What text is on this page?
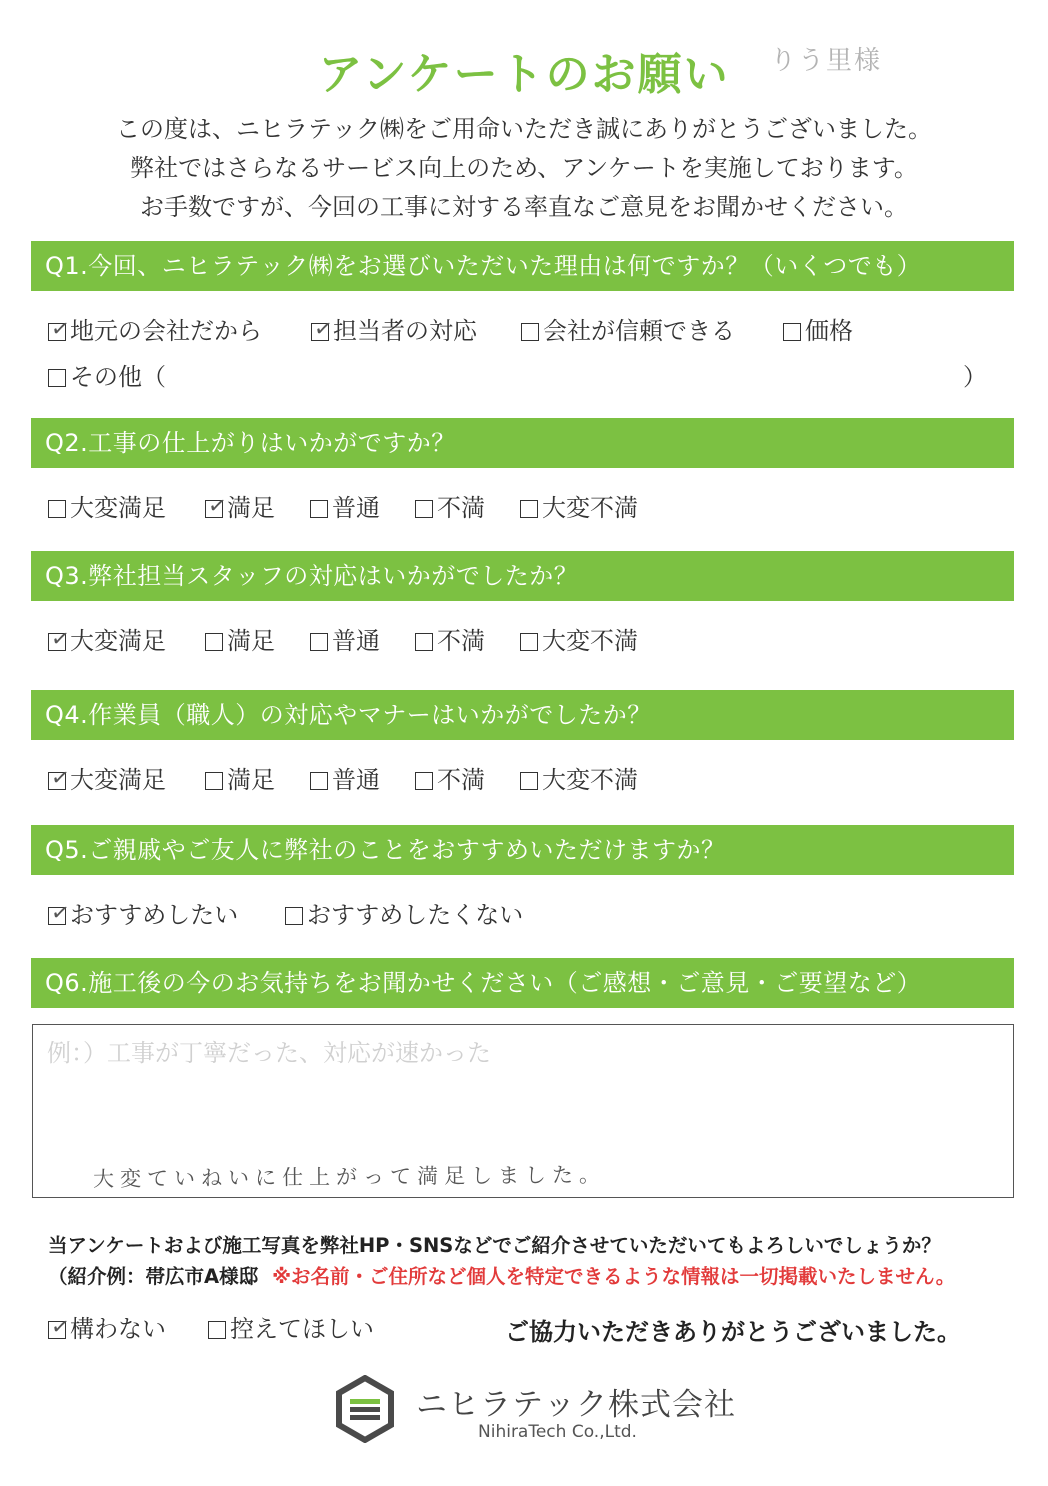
アンケートのお願い	りう里様
この度は、ニヒラテック㈱をご用命いただき誠にありがとうございました。
弊社ではさらなるサービス向上のため、アンケートを実施しております。
お手数ですが、今回の工事に対する率直なご意見をお聞かせください。
Q1.今回、ニヒラテック㈱をお選びいただいた理由は何ですか？（いくつでも）
✓
地元の会社だから ✓
担当者の対応	会社が信頼できる	価格
その他（	）
Q2.工事の仕上がりはいかがですか？
大変満足 ✓
満足	普通	不満	大変不満
Q3.弊社担当スタッフの対応はいかがでしたか？
✓
大変満足	満足	普通	不満	大変不満
Q4.作業員（職人）の対応やマナーはいかがでしたか？
✓
大変満足	満足	普通	不満	大変不満
Q5.ご親戚やご友人に弊社のことをおすすめいただけますか？
✓
おすすめしたい	おすすめしたくない
Q6.施工後の今のお気持ちをお聞かせください（ご感想・ご意見・ご要望など）
例：）工事が丁寧だった、対応が速かった
大変ていねいに仕上がって満足しました。
当アンケートおよび施工写真を弊社HP・SNSなどでご紹介させていただいてもよろしいでしょうか？
（紹介例：帯広市A様邸 ※お名前・ご住所など個人を特定できるような情報は一切掲載いたしません。
✓
構わない	控えてほしい	ご協力いただきありがとうございました。
ニヒラテック株式会社
NihiraTech Co.,Ltd.
